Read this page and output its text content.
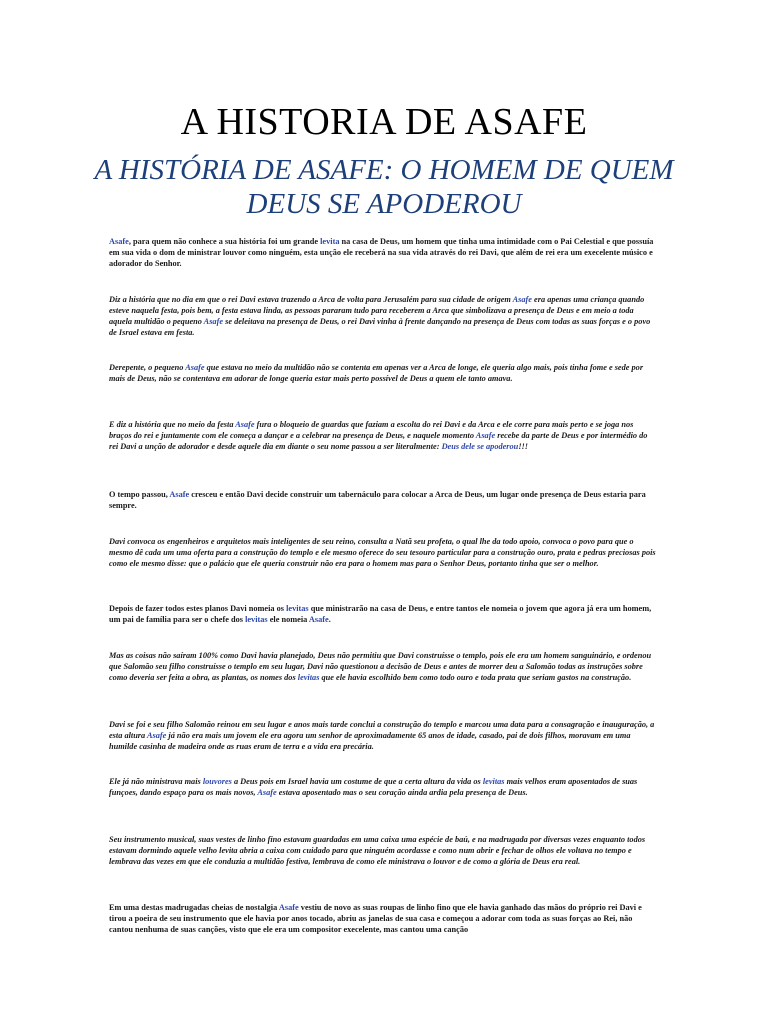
A HISTORIA DE ASAFE
A HISTÓRIA DE ASAFE: O HOMEM DE QUEM DEUS SE APODERO​U

Asafe, para quem não conhece a sua história foi um grande levita na casa de Deus, um homem que tinha uma intimidade com o Pai Celestial e que possuía em sua vida o dom de ministrar louvor como ninguém, esta unção ele receberá na sua vida através do rei Davi, que além de rei era um execelente músico e adorador do Senhor.

Diz a história que no dia em que o rei Davi estava trazendo a Arca de volta para Jerusalém para sua cidade de origem Asafe era apenas uma criança quando esteve naquela festa, pois bem, a festa estava linda, as pessoas pararam tudo para receberem a Arca que simbolizava a presença de Deus e em meio a toda aquela multidão o pequeno Asafe se deleitava na presença de Deus, o rei Davi vinha à frente dançando na presença de Deus com todas as suas forças e o povo de Israel estava em festa.

Derepente, o pequeno Asafe que estava no meio da multidão não se contenta em apenas ver a Arca de longe, ele queria algo mais, pois tinha fome e sede por mais de Deus, não se contentava em adorar de longe queria estar mais perto possível de Deus a quem ele tanto amava.

E diz a história que no meio da festa Asafe fura o bloqueio de guardas que faziam a escolta do rei Davi e da Arca e ele corre para mais perto e se joga nos braços do rei e juntamente com ele começa a dançar e a celebrar na presença de Deus, e naquele momento Asafe recebe da parte de Deus e por intermédio do rei Davi a unção de adorador e desde aquele dia em diante o seu nome passou a ser literalmente: Deus dele se apoderou!!!

O tempo passou, Asafe cresceu e então Davi decide construir um tabernáculo para colocar a Arca de Deus, um lugar onde presença de Deus estaria para sempre.

Davi convoca os engenheiros e arquitetos mais inteligentes de seu reino, consulta a Natã seu profeta, o qual lhe da todo apoio, convoca o povo para que o mesmo dê cada um uma oferta para a construção do templo e ele mesmo oferece do seu tesouro particular para a construção ouro, prata e pedras preciosas pois como ele mesmo disse: que o palácio que ele queria construir não era para o homem mas para o Senhor Deus, portanto tinha que ser o melhor.

Depois de fazer todos estes planos Davi nomeia os levitas que ministrarão na casa de Deus, e entre tantos ele nomeia o jovem que agora já era um homem, um pai de família para ser o chefe dos levitas ele nomeia Asafe.

Mas as coisas não saíram 100% como Davi havia planejado, Deus não permitiu que Davi construísse o templo, pois ele era um homem sanguinário, e ordenou que Salomão seu filho construísse o templo em seu lugar, Davi não questionou a decisão de Deus e antes de morrer deu a Salomão todas as instruções sobre como deveria ser feita a obra, as plantas, os nomes dos levitas que ele havia escolhido bem como todo ouro e toda prata que seriam gastos na construção.

Davi se foi e seu filho Salomão reinou em seu lugar e anos mais tarde conclui a construção do templo e marcou uma data para a consagração e inauguração, a esta altura Asafe já não era mais um jovem ele era agora um senhor de aproximadamente 65 anos de idade, casado, pai de dois filhos, moravam em uma humilde casinha de madeira onde as ruas eram de terra e a vida era precária.

Ele já não ministrava mais louvores a Deus pois em Israel havia um costume de que a certa altura da vida os levitas mais velhos eram aposentados de suas funçoes, dando espaço para os mais novos, Asafe estava aposentado mas o seu coração ainda ardia pela presença de Deus.

Seu instrumento musical, suas vestes de linho fino estavam guardadas em uma caixa uma espécie de baú, e na madrugada por diversas vezes enquanto todos estavam dormindo aquele velho levita abria a caixa com cuidado para que ninguém acordasse e como num abrir e fechar de olhos ele voltava no tempo e lembrava das vezes em que ele conduzia a multidão festiva, lembrava de como ele ministrava o louvor e de como a glória de Deus era real.

Em uma destas madrugadas cheias de nostalgia Asafe vestiu de novo as suas roupas de linho fino que ele havia ganhado das mãos do próprio rei Davi e tirou a poeira de seu instrumento que ele havia por anos tocado, abriu as janelas de sua casa e começou a adorar com toda as suas forças ao Rei, não cantou nenhuma de suas canções, visto que ele era um compositor execelente, mas cantou uma canção
